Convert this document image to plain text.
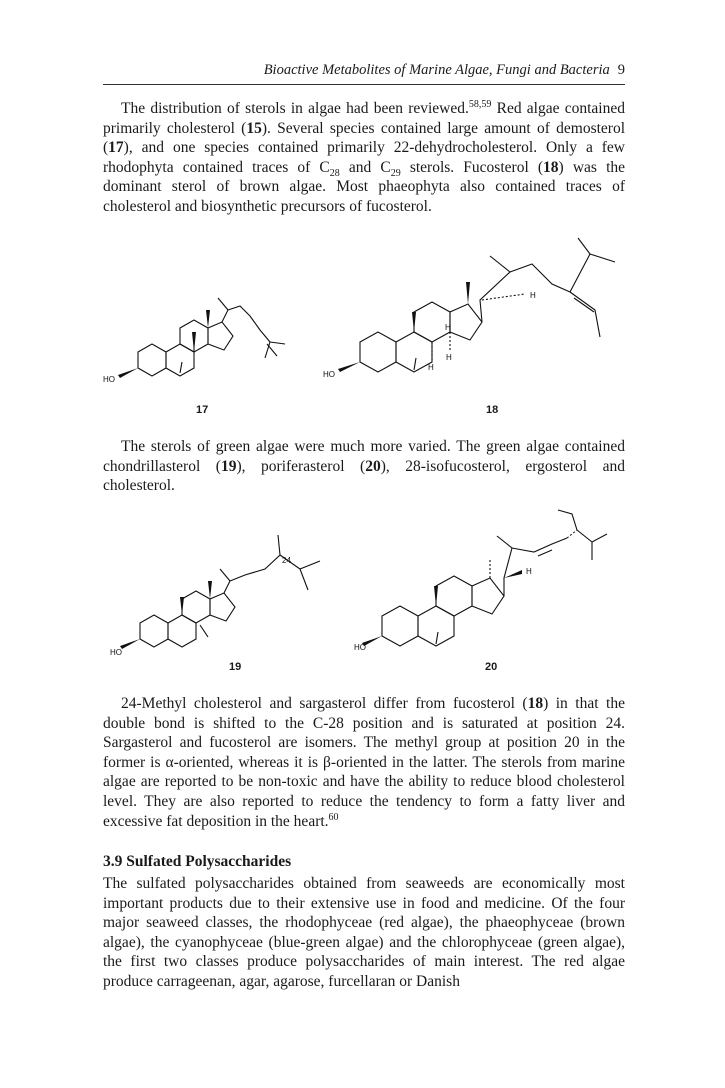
Bioactive Metabolites of Marine Algae, Fungi and Bacteria 9

The distribution of sterols in algae had been reviewed.$^{58,59}$ Red algae contained primarily cholesterol (15). Several species contained large amount of demosterol (17), and one species contained primarily 22-dehydrocholesterol. Only a few rhodophyta contained traces of $C_{28}$ and $C_{29}$ sterols. Fucosterol (18) was the dominant sterol of brown algae. Most phaeophyta also contained traces of cholesterol and biosynthetic precursors of fucosterol.

HO
17
H
H
H
H
HO
18

The sterols of green algae were much more varied. The green algae contained chondrillasterol (19), poriferasterol (20), 28-isofucosterol, ergosterol and cholesterol.

HO
24
19
H
HO
20

24-Methyl cholesterol and sargasterol differ from fucosterol (18) in that the double bond is shifted to the C-28 position and is saturated at position 24. Sargasterol and fucosterol are isomers. The methyl group at position 20 in the former is α-oriented, whereas it is β-oriented in the latter. The sterols from marine algae are reported to be non-toxic and have the ability to reduce blood cholesterol level. They are also reported to reduce the tendency to form a fatty liver and excessive fat deposition in the heart.$^{60}$

3.9 Sulfated Polysaccharides

The sulfated polysaccharides obtained from seaweeds are economically most important products due to their extensive use in food and medicine. Of the four major seaweed classes, the rhodophyceae (red algae), the phaeophyceae (brown algae), the cyanophyceae (blue-green algae) and the chlorophyceae (green algae), the first two classes produce polysaccharides of main interest. The red algae produce carrageenan, agar, agarose, furcellaran or Danish
